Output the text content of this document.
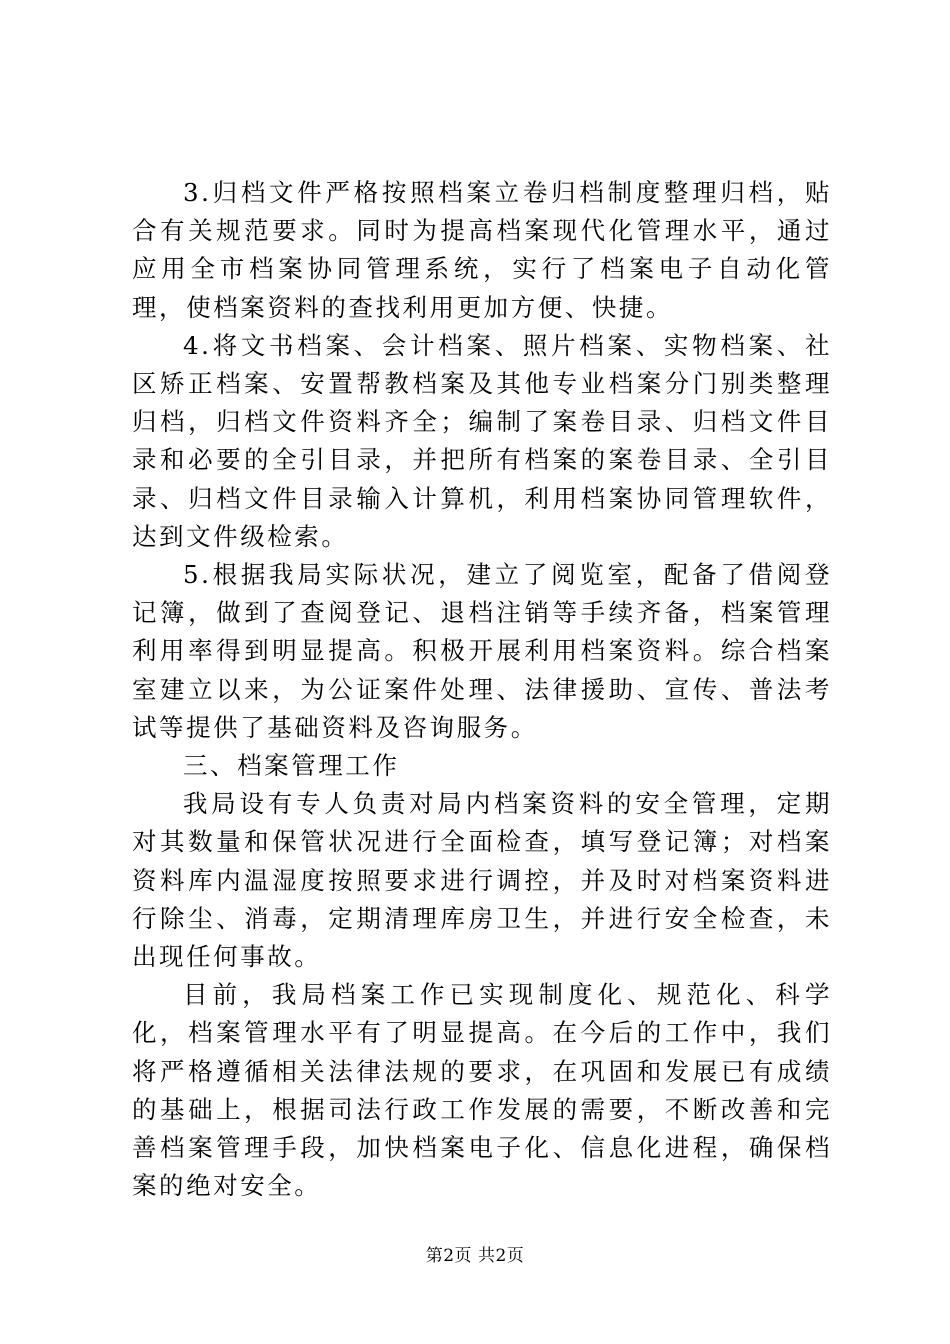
3.归档文件严格按照档案立卷归档制度整理归档，贴合有关规范要求。同时为提高档案现代化管理水平，通过应用全市档案协同管理系统，实行了档案电子自动化管理，使档案资料的查找利用更加方便、快捷。

4.将文书档案、会计档案、照片档案、实物档案、社区矫正档案、安置帮教档案及其他专业档案分门别类整理归档，归档文件资料齐全；编制了案卷目录、归档文件目录和必要的全引目录，并把所有档案的案卷目录、全引目录、归档文件目录输入计算机，利用档案协同管理软件，达到文件级检索。

5.根据我局实际状况，建立了阅览室，配备了借阅登记簿，做到了查阅登记、退档注销等手续齐备，档案管理利用率得到明显提高。积极开展利用档案资料。综合档案室建立以来，为公证案件处理、法律援助、宣传、普法考试等提供了基础资料及咨询服务。

三、档案管理工作

我局设有专人负责对局内档案资料的安全管理，定期对其数量和保管状况进行全面检查，填写登记簿；对档案资料库内温湿度按照要求进行调控，并及时对档案资料进行除尘、消毒，定期清理库房卫生，并进行安全检查，未出现任何事故。

目前，我局档案工作已实现制度化、规范化、科学化，档案管理水平有了明显提高。在今后的工作中，我们将严格遵循相关法律法规的要求，在巩固和发展已有成绩的基础上，根据司法行政工作发展的需要，不断改善和完善档案管理手段，加快档案电子化、信息化进程，确保档案的绝对安全。

第2页 共2页
